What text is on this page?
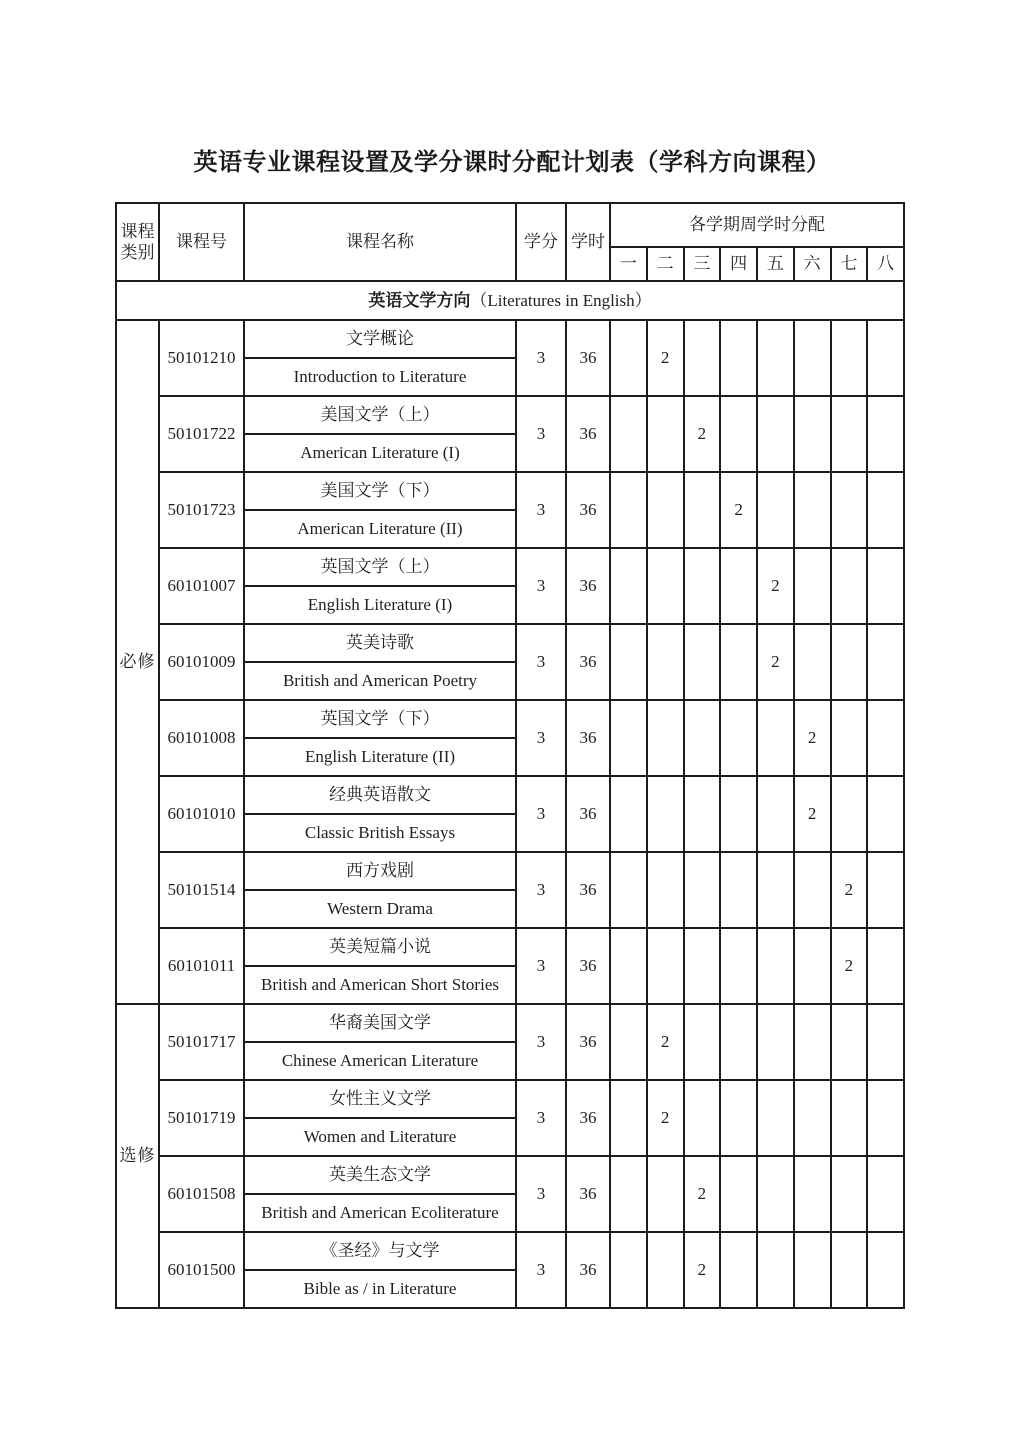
英语专业课程设置及学分课时分配计划表（学科方向课程）
课程类别	课程号	课程名称	学分	学时	各学期周学时分配							
					一	二	三	四	五	六	七	八
英语文学方向（Literatures in English）												
必修	50101210	文学概论	3	36		2						
		Introduction to Literature										
	50101722	美国文学（上）	3	36			2					
		American Literature (I)										
	50101723	美国文学（下）	3	36				2				
		American Literature (II)										
	60101007	英国文学（上）	3	36					2			
		English Literature (I)										
	60101009	英美诗歌	3	36					2			
		British and American Poetry										
	60101008	英国文学（下）	3	36						2		
		English Literature (II)										
	60101010	经典英语散文	3	36						2		
		Classic British Essays										
	50101514	西方戏剧	3	36							2	
		Western Drama										
	60101011	英美短篇小说	3	36							2	
		British and American Short Stories										
选修	50101717	华裔美国文学	3	36		2						
		Chinese American Literature										
	50101719	女性主义文学	3	36		2						
		Women and Literature										
	60101508	英美生态文学	3	36			2					
		British and American Ecoliterature										
	60101500	《圣经》与文学	3	36			2					
		Bible as / in Literature										
